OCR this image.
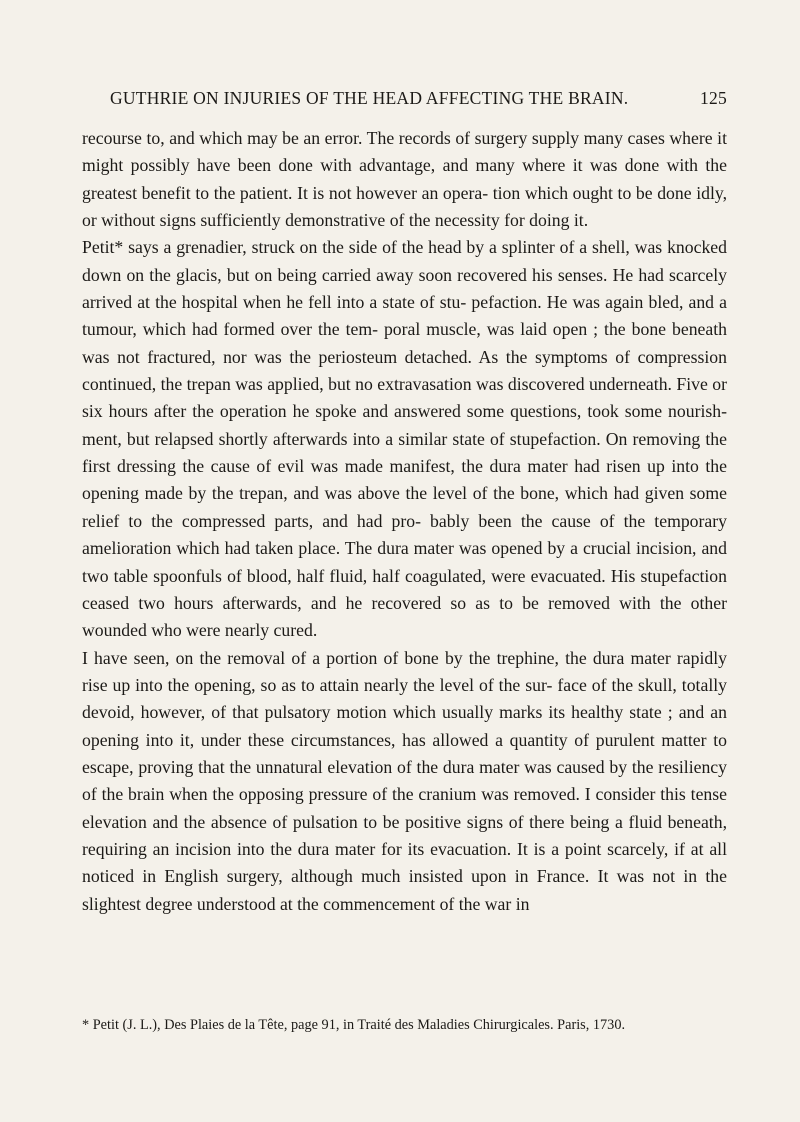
GUTHRIE ON INJURIES OF THE HEAD AFFECTING THE BRAIN.	125

recourse to, and which may be an error. The records of surgery supply many cases where it might possibly have been done with advantage, and many where it was done with the greatest benefit to the patient. It is not however an opera- tion which ought to be done idly, or without signs sufficiently demonstrative of the necessity for doing it.

Petit* says a grenadier, struck on the side of the head by a splinter of a shell, was knocked down on the glacis, but on being carried away soon recovered his senses. He had scarcely arrived at the hospital when he fell into a state of stu- pefaction. He was again bled, and a tumour, which had formed over the tem- poral muscle, was laid open ; the bone beneath was not fractured, nor was the periosteum detached. As the symptoms of compression continued, the trepan was applied, but no extravasation was discovered underneath. Five or six hours after the operation he spoke and answered some questions, took some nourish- ment, but relapsed shortly afterwards into a similar state of stupefaction. On removing the first dressing the cause of evil was made manifest, the dura mater had risen up into the opening made by the trepan, and was above the level of the bone, which had given some relief to the compressed parts, and had pro- bably been the cause of the temporary amelioration which had taken place. The dura mater was opened by a crucial incision, and two table spoonfuls of blood, half fluid, half coagulated, were evacuated. His stupefaction ceased two hours afterwards, and he recovered so as to be removed with the other wounded who were nearly cured.

I have seen, on the removal of a portion of bone by the trephine, the dura mater rapidly rise up into the opening, so as to attain nearly the level of the sur- face of the skull, totally devoid, however, of that pulsatory motion which usually marks its healthy state ; and an opening into it, under these circumstances, has allowed a quantity of purulent matter to escape, proving that the unnatural elevation of the dura mater was caused by the resiliency of the brain when the opposing pressure of the cranium was removed. I consider this tense elevation and the absence of pulsation to be positive signs of there being a fluid beneath, requiring an incision into the dura mater for its evacuation. It is a point scarcely, if at all noticed in English surgery, although much insisted upon in France. It was not in the slightest degree understood at the commencement of the war in

* Petit (J. L.), Des Plaies de la Tête, page 91, in Traité des Maladies Chirurgicales. Paris, 1730.
